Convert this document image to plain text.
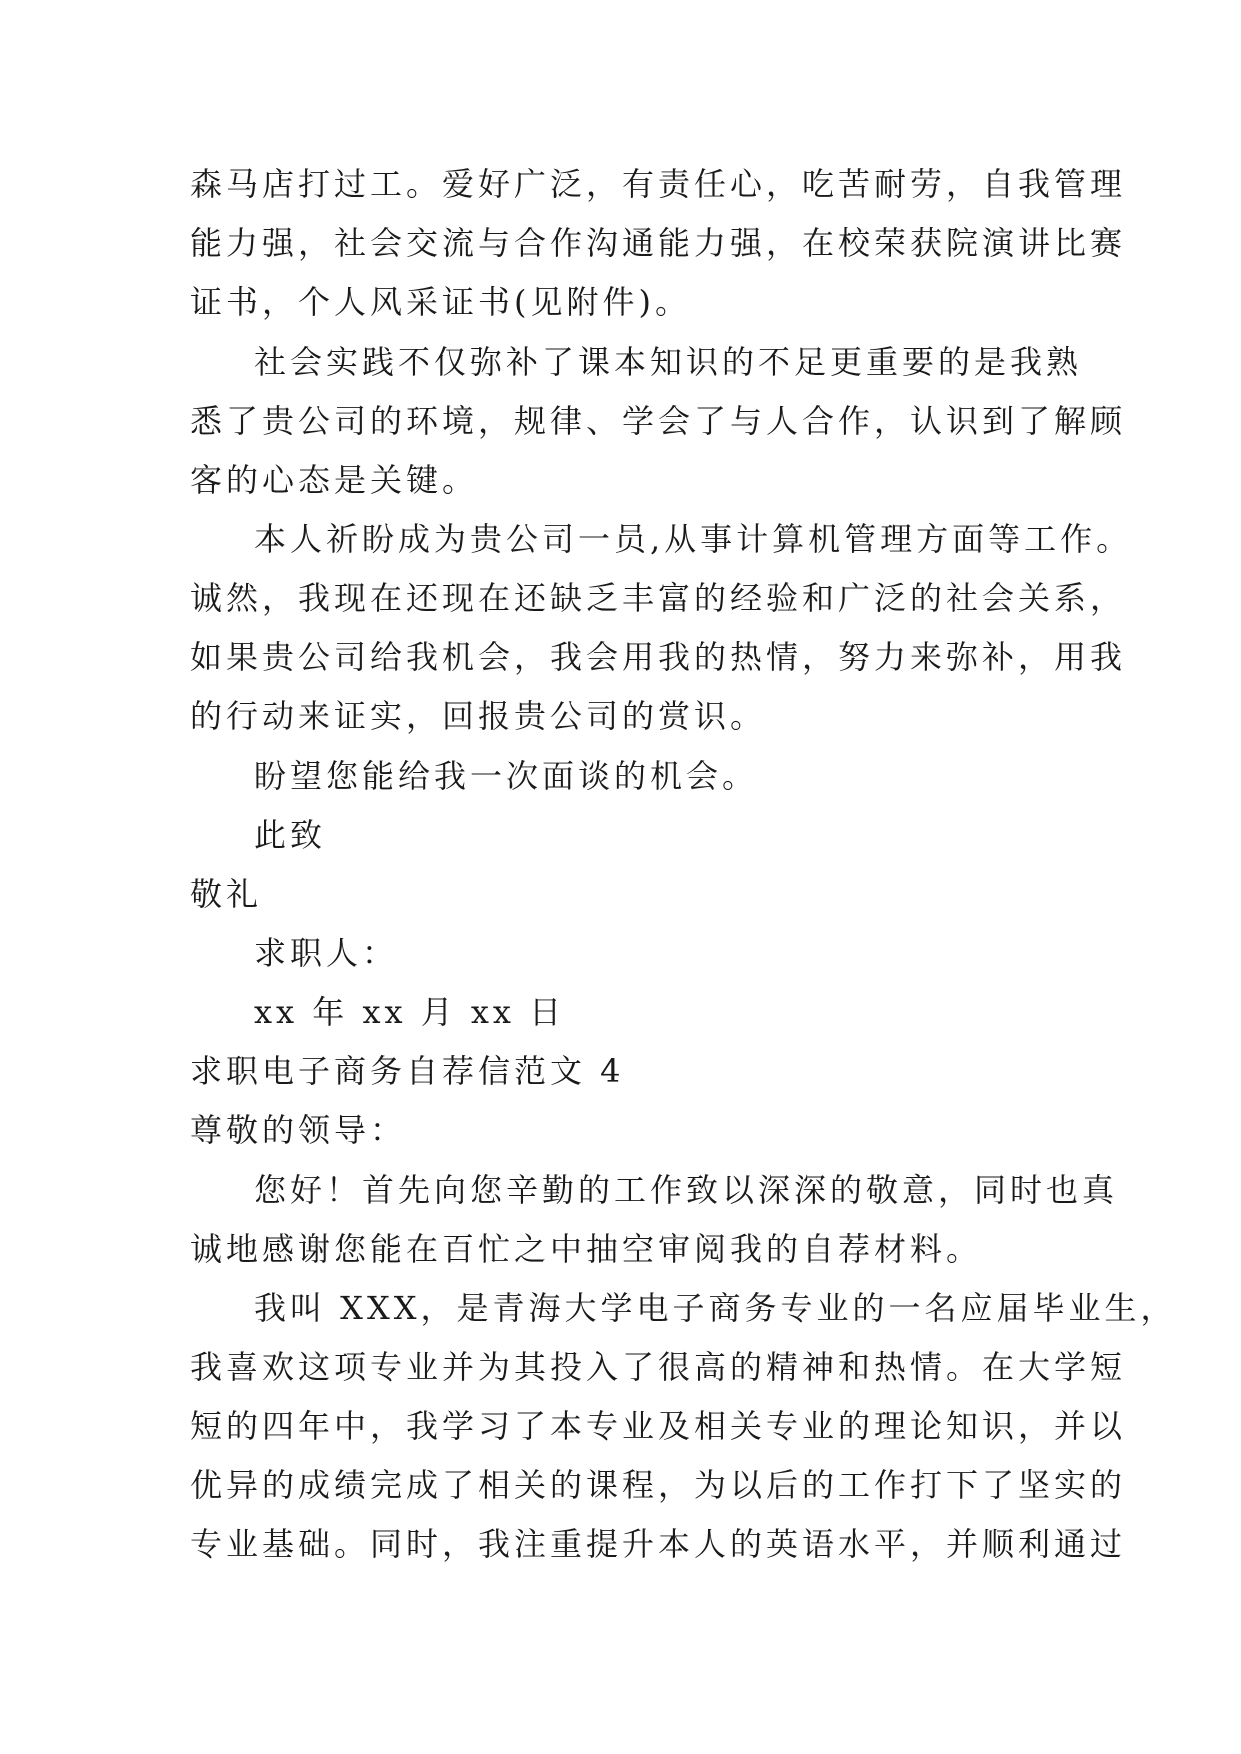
森马店打过工。爱好广泛，有责任心，吃苦耐劳，自我管理
能力强，社会交流与合作沟通能力强，在校荣获院演讲比赛
证书，个人风采证书(见附件)。
社会实践不仅弥补了课本知识的不足更重要的是我熟
悉了贵公司的环境，规律、学会了与人合作，认识到了解顾
客的心态是关键。
本人祈盼成为贵公司一员,从事计算机管理方面等工作。
诚然，我现在还现在还缺乏丰富的经验和广泛的社会关系，
如果贵公司给我机会，我会用我的热情，努力来弥补，用我
的行动来证实，回报贵公司的赏识。
盼望您能给我一次面谈的机会。
此致
敬礼
求职人：
xx 年 xx 月 xx 日
求职电子商务自荐信范文 4
尊敬的领导：
您好！首先向您辛勤的工作致以深深的敬意，同时也真
诚地感谢您能在百忙之中抽空审阅我的自荐材料。
我叫 XXX，是青海大学电子商务专业的一名应届毕业生，
我喜欢这项专业并为其投入了很高的精神和热情。在大学短
短的四年中，我学习了本专业及相关专业的理论知识，并以
优异的成绩完成了相关的课程，为以后的工作打下了坚实的
专业基础。同时，我注重提升本人的英语水平，并顺利通过
